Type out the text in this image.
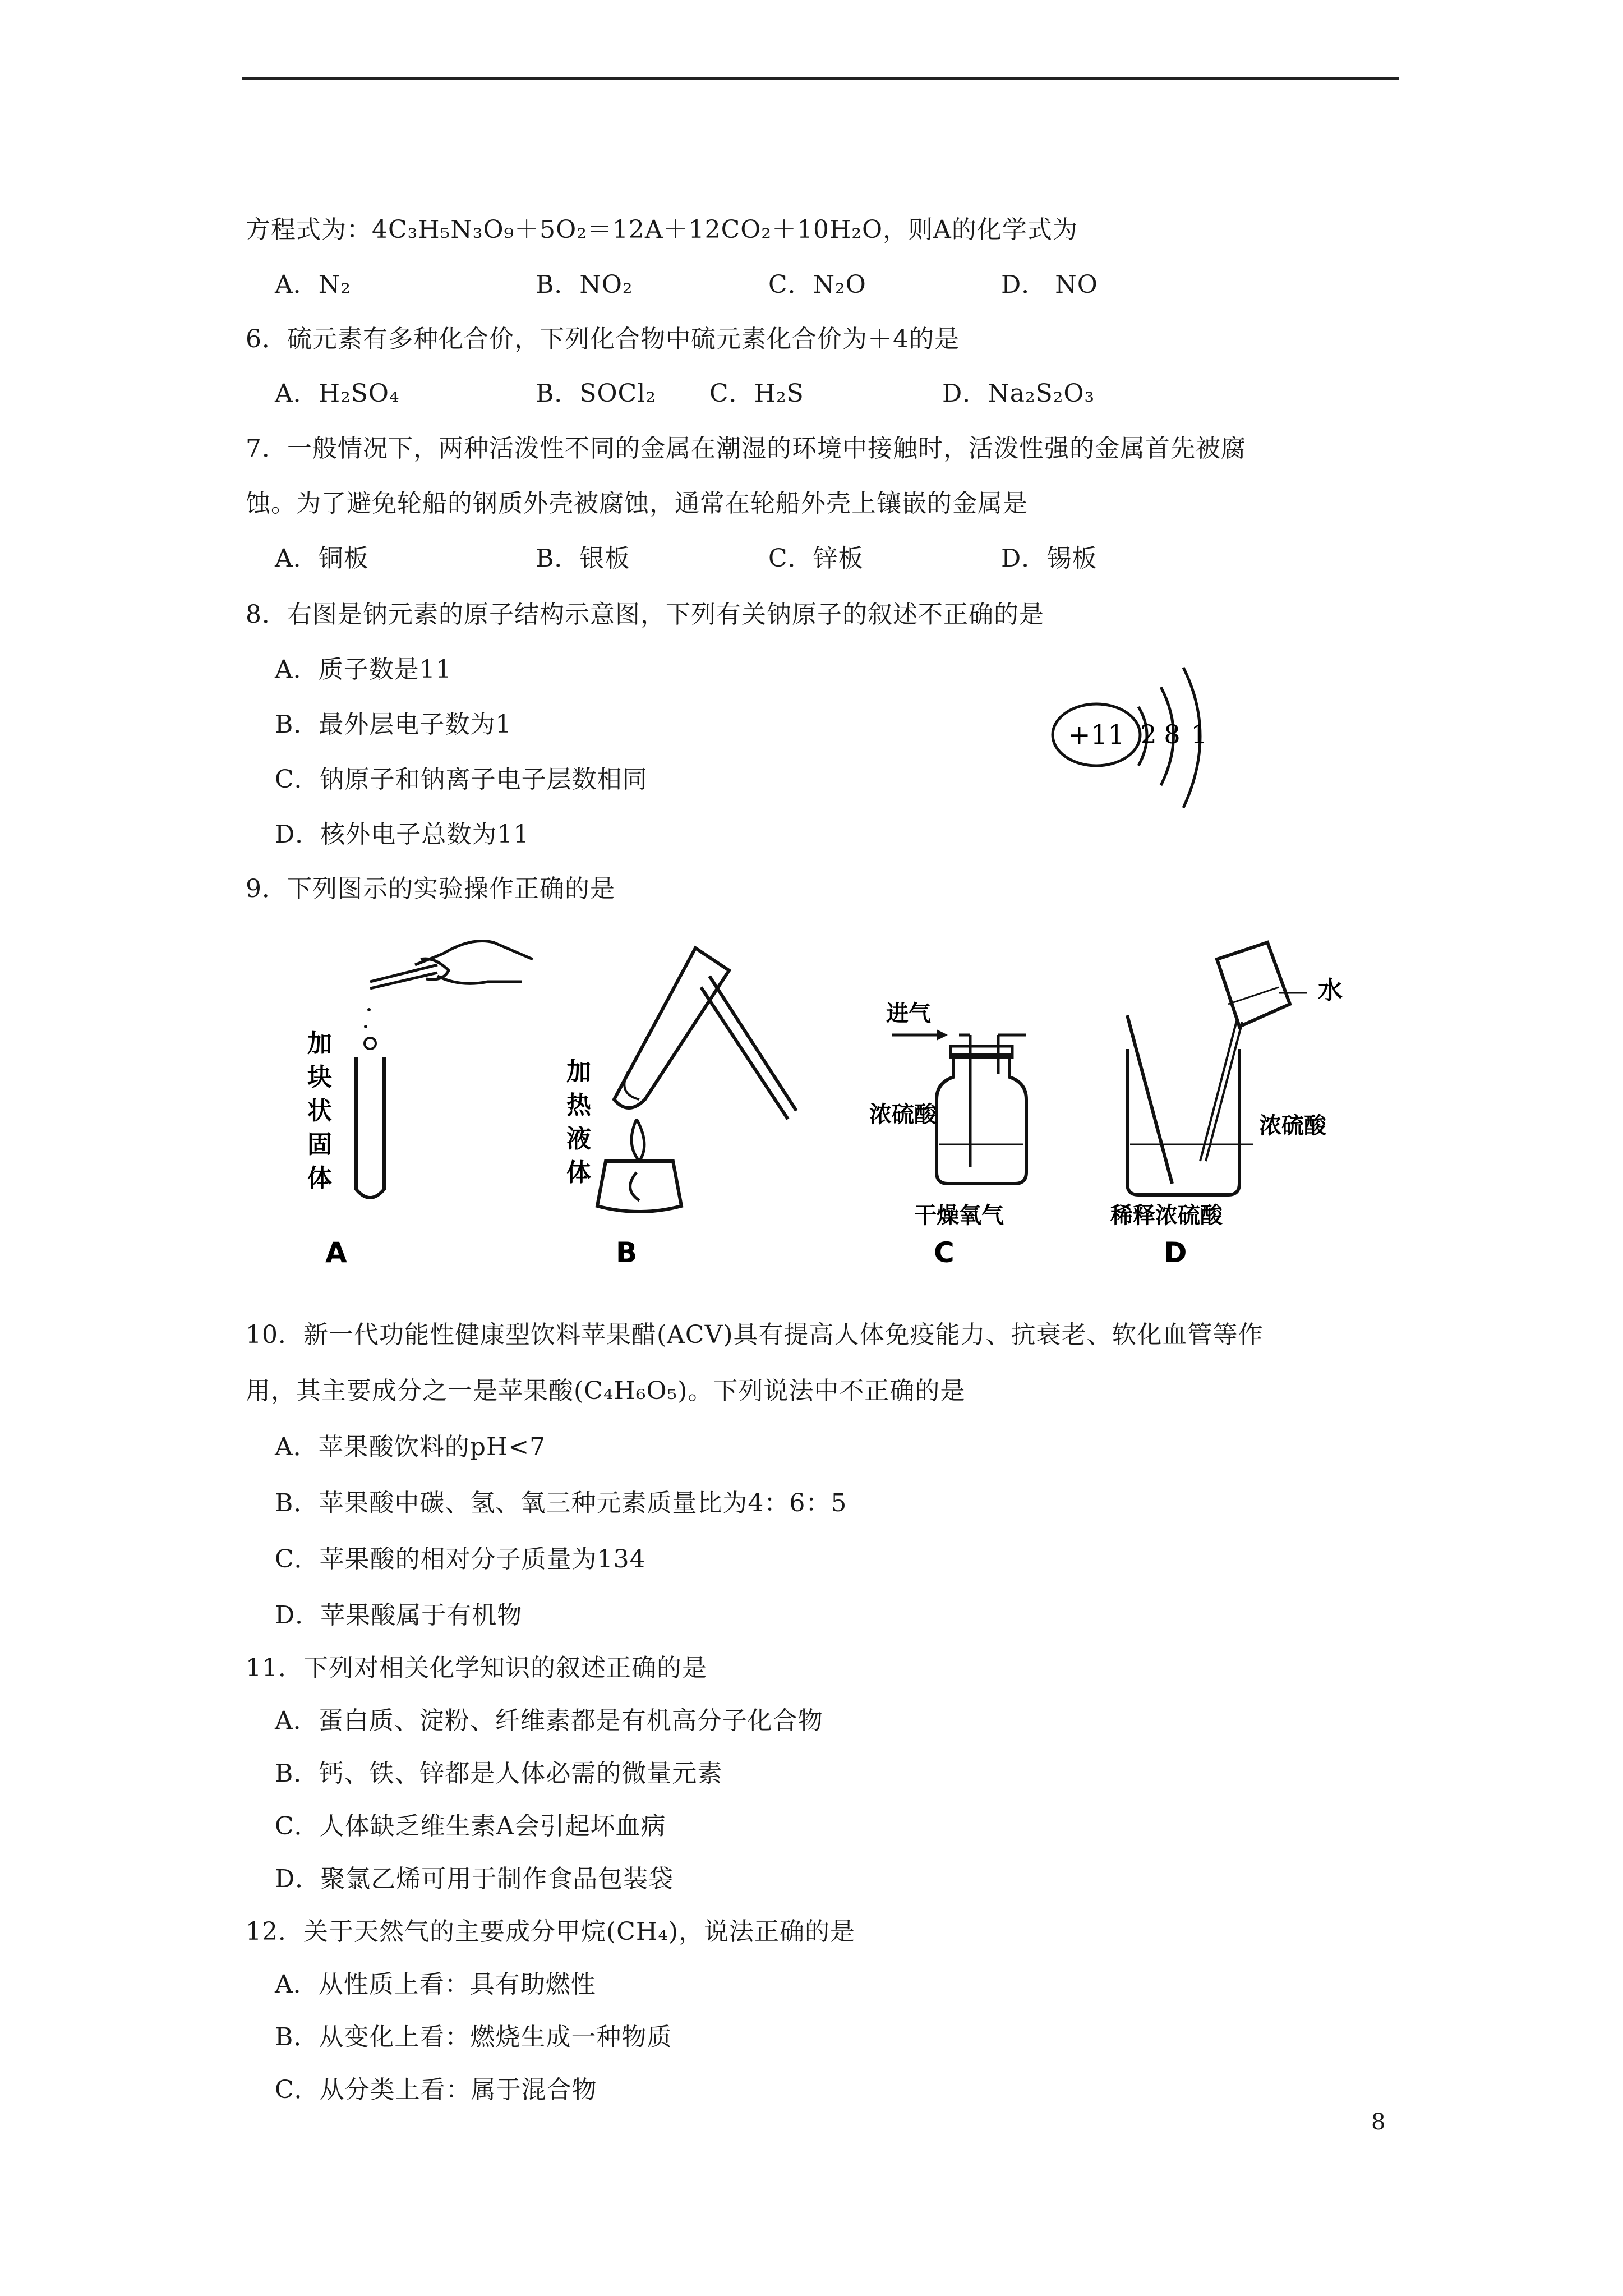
方程式为：4C₃H₅N₃O₉＋5O₂＝12A＋12CO₂＋10H₂O，则A的化学式为
A．N₂	B．NO₂	C．N₂O	D． NO
6．硫元素有多种化合价，下列化合物中硫元素化合价为＋4的是
A．H₂SO₄	B．SOCl₂ C．H₂S	D．Na₂S₂O₃
7．一般情况下，两种活泼性不同的金属在潮湿的环境中接触时，活泼性强的金属首先被腐
蚀。为了避免轮船的钢质外壳被腐蚀，通常在轮船外壳上镶嵌的金属是
A．铜板	B．银板	C．锌板	D．锡板
8．右图是钠元素的原子结构示意图，下列有关钠原子的叙述不正确的是
A．质子数是11
B．最外层电子数为1
C．钠原子和钠离子电子层数相同
D．核外电子总数为11
+11 2 8 1
9．下列图示的实验操作正确的是
加
块
状
固
体
A
加
热
液
体
B
进气
浓硫酸
干燥氧气
C
水
浓硫酸
稀释浓硫酸
D
10．新一代功能性健康型饮料苹果醋(ACV)具有提高人体免疫能力、抗衰老、软化血管等作
用，其主要成分之一是苹果酸(C₄H₆O₅)。下列说法中不正确的是
A．苹果酸饮料的pH<7
B．苹果酸中碳、氢、氧三种元素质量比为4：6：5
C．苹果酸的相对分子质量为134
D．苹果酸属于有机物
11．下列对相关化学知识的叙述正确的是
A．蛋白质、淀粉、纤维素都是有机高分子化合物
B．钙、铁、锌都是人体必需的微量元素
C．人体缺乏维生素A会引起坏血病
D．聚氯乙烯可用于制作食品包装袋
12．关于天然气的主要成分甲烷(CH₄)，说法正确的是
A．从性质上看：具有助燃性
B．从变化上看：燃烧生成一种物质
C．从分类上看：属于混合物
8
